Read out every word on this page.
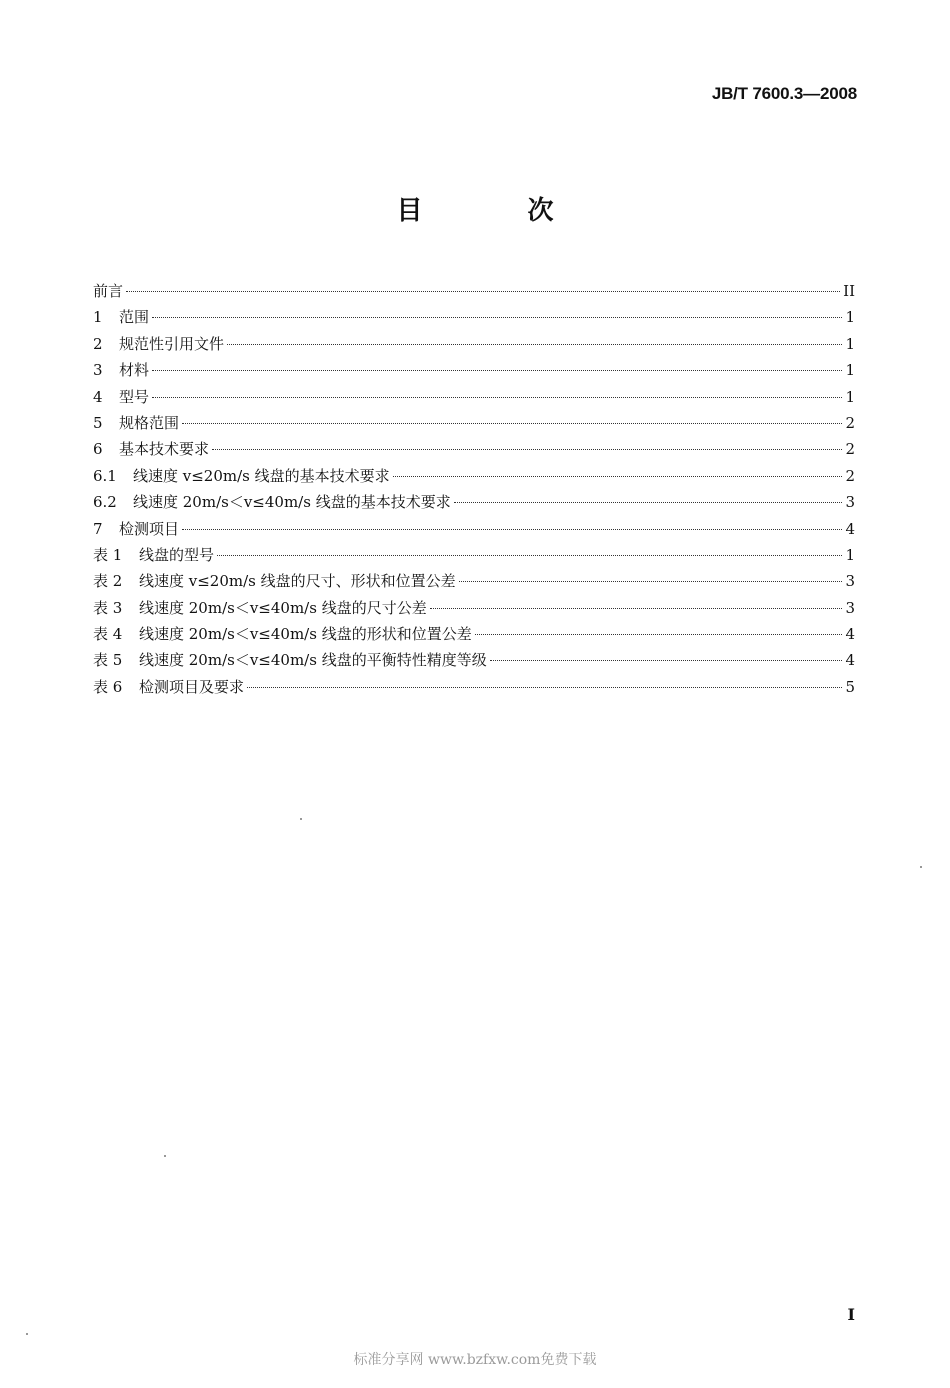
JB/T 7600.3—2008
目 次
前言	II
1 范围	1
2 规范性引用文件	1
3 材料	1
4 型号	1
5 规格范围	2
6 基本技术要求	2
6.1 线速度 v≤20m/s 线盘的基本技术要求	2
6.2 线速度 20m/s＜v≤40m/s 线盘的基本技术要求	3
7 检测项目	4
表 1	线盘的型号	1
表 2	线速度 v≤20m/s 线盘的尺寸、形状和位置公差	3
表 3	线速度 20m/s＜v≤40m/s 线盘的尺寸公差	3
表 4	线速度 20m/s＜v≤40m/s 线盘的形状和位置公差	4
表 5	线速度 20m/s＜v≤40m/s 线盘的平衡特性精度等级	4
表 6	检测项目及要求	5
I
标准分享网 www.bzfxw.com免费下载
